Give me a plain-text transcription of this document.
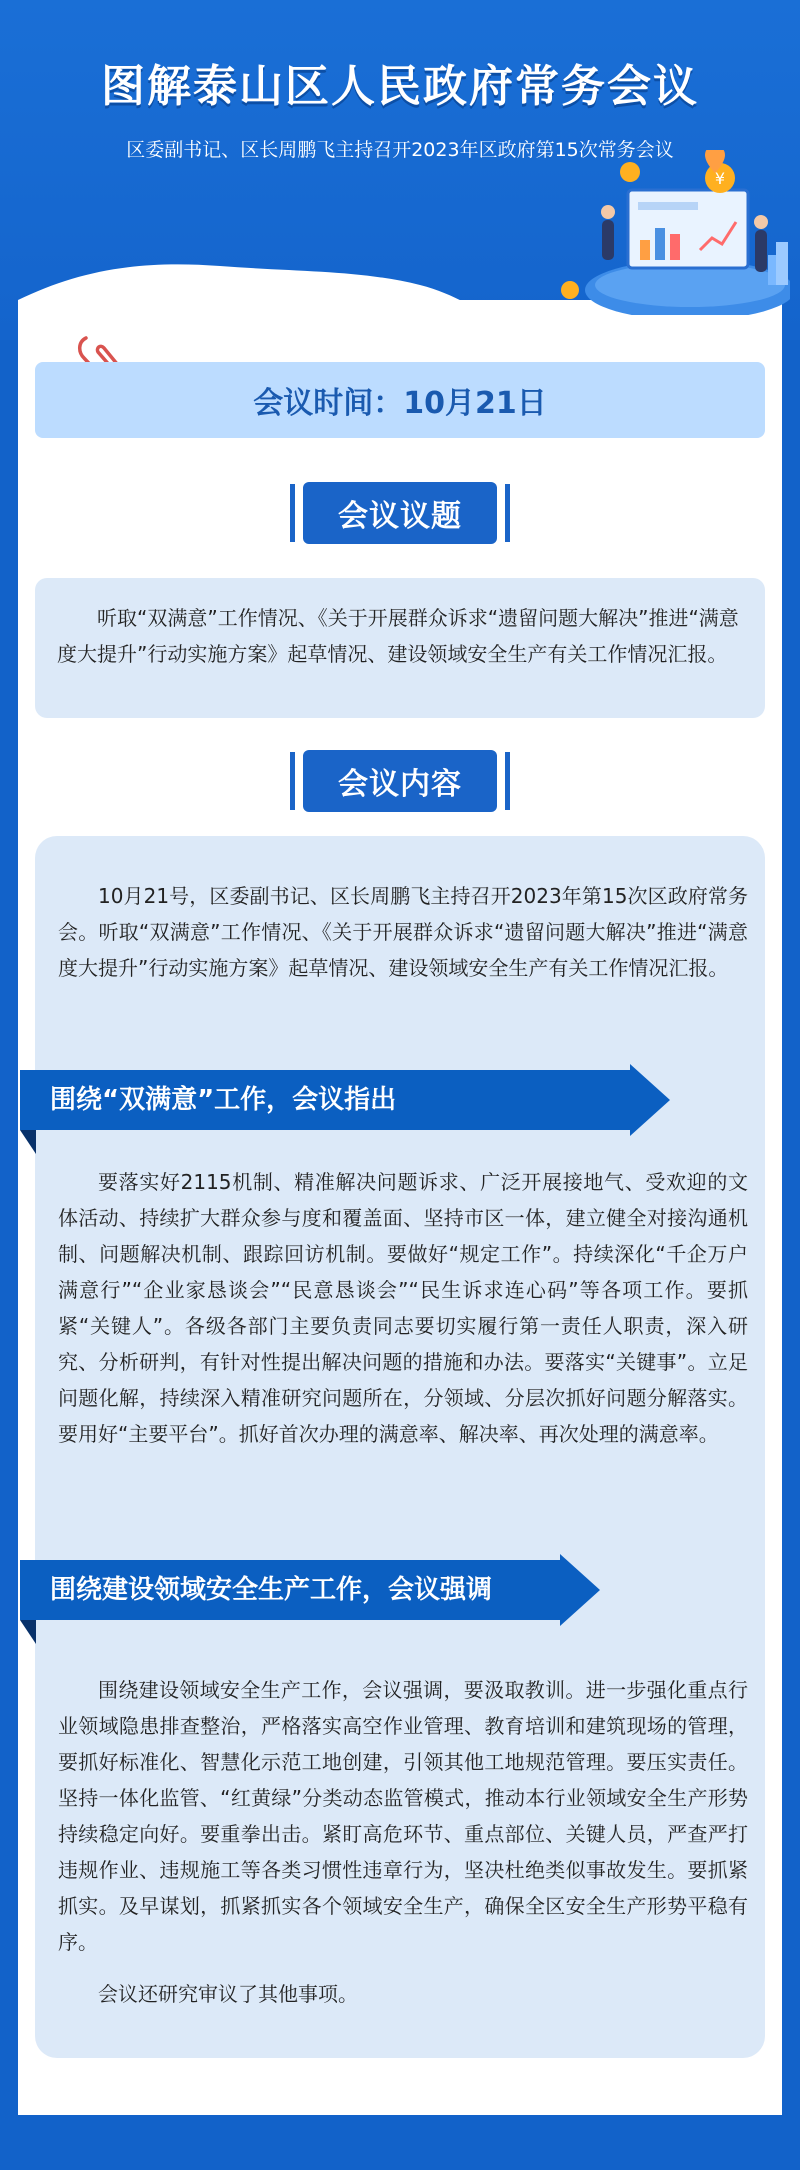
图解泰山区人民政府常务会议
区委副书记、区长周鹏飞主持召开2023年区政府第15次常务会议
¥
会议时间：10月21日
会议议题
听取“双满意”工作情况、《关于开展群众诉求“遗留问题大解决”推进“满意度大提升”行动实施方案》起草情况、建设领域安全生产有关工作情况汇报。
会议内容
10月21号，区委副书记、区长周鹏飞主持召开2023年第15次区政府常务会。听取“双满意”工作情况、《关于开展群众诉求“遗留问题大解决”推进“满意度大提升”行动实施方案》起草情况、建设领域安全生产有关工作情况汇报。
围绕“双满意”工作，会议指出
要落实好2115机制、精准解决问题诉求、广泛开展接地气、受欢迎的文体活动、持续扩大群众参与度和覆盖面、坚持市区一体，建立健全对接沟通机制、问题解决机制、跟踪回访机制。要做好“规定工作”。持续深化“千企万户满意行”“企业家恳谈会”“民意恳谈会”“民生诉求连心码”等各项工作。要抓紧“关键人”。各级各部门主要负责同志要切实履行第一责任人职责，深入研究、分析研判，有针对性提出解决问题的措施和办法。要落实“关键事”。立足问题化解，持续深入精准研究问题所在，分领域、分层次抓好问题分解落实。要用好“主要平台”。抓好首次办理的满意率、解决率、再次处理的满意率。
围绕建设领域安全生产工作，会议强调
围绕建设领域安全生产工作，会议强调，要汲取教训。进一步强化重点行业领域隐患排查整治，严格落实高空作业管理、教育培训和建筑现场的管理，要抓好标准化、智慧化示范工地创建，引领其他工地规范管理。要压实责任。坚持一体化监管、“红黄绿”分类动态监管模式，推动本行业领域安全生产形势持续稳定向好。要重拳出击。紧盯高危环节、重点部位、关键人员，严查严打违规作业、违规施工等各类习惯性违章行为，坚决杜绝类似事故发生。要抓紧抓实。及早谋划，抓紧抓实各个领域安全生产，确保全区安全生产形势平稳有序。
会议还研究审议了其他事项。
